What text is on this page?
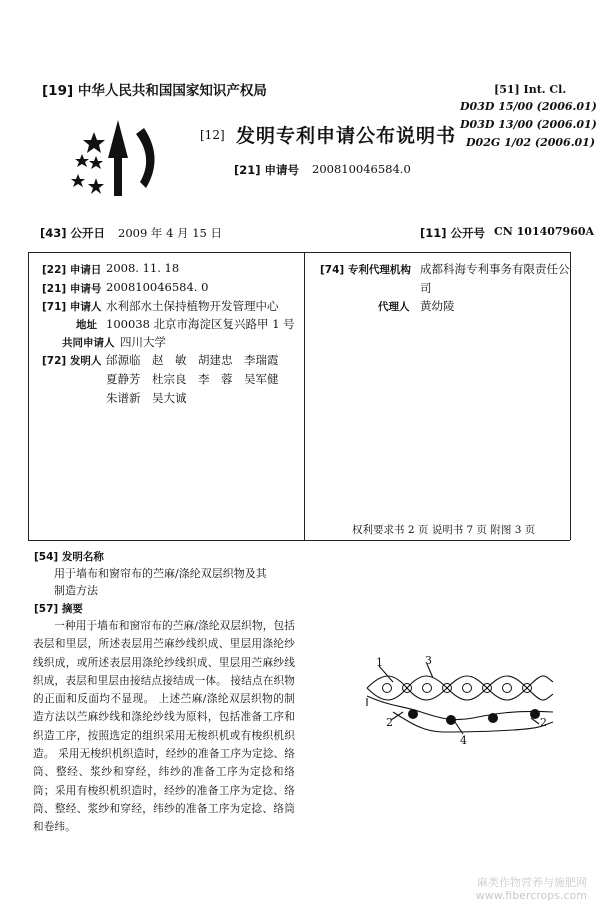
[19] 中华人民共和国国家知识产权局
[12] 发明专利申请公布说明书
[21] 申请号 200810046584.0
[51] Int. Cl.
D03D 15/00 (2006.01)
D03D 13/00 (2006.01)
D02G 1/02 (2006.01)
[43] 公开日 2009 年 4 月 15 日	[11] 公开号 CN 101407960A
[22] 申请日 2008. 11. 18
[21] 申请号 200810046584. 0
[71] 申请人 水利部水土保持植物开发管理中心
地址 100038 北京市海淀区复兴路甲 1 号
共同申请人 四川大学
[72] 发明人 邰源临　赵　敏　胡建忠　李瑞霞
夏静芳　杜宗良　李　蓉　吴军健
朱谱新　吴大诚
[74] 专利代理机构 成都科海专利事务有限责任公
司
代理人 黄幼陵
权利要求书 2 页 说明书 7 页 附图 3 页
[54] 发明名称
用于墙布和窗帘布的苎麻/涤纶双层织物及其
制造方法
[57] 摘要
一种用于墙布和窗帘布的苎麻/涤纶双层织物，包括表层和里层，所述表层用苎麻纱线织成、里层用涤纶纱线织成，或所述表层用涤纶纱线织成、里层用苎麻纱线织成，表层和里层由接结点接结成一体。 接结点在织物的正面和反面均不显现。 上述苎麻/涤纶双层织物的制造方法以苎麻纱线和涤纶纱线为原料，包括准备工序和织造工序，按照选定的组织采用无梭织机或有梭织机织造。 采用无梭织机织造时，经纱的准备工序为定捻、络筒、整经、浆纱和穿经，纬纱的准备工序为定捻和络筒；采用有梭织机织造时，经纱的准备工序为定捻、络筒、整经、浆纱和穿经，纬纱的准备工序为定捻、络筒和卷纬。
1	3
2
4
2
麻类作物营养与施肥网
www.fibercrops.com
